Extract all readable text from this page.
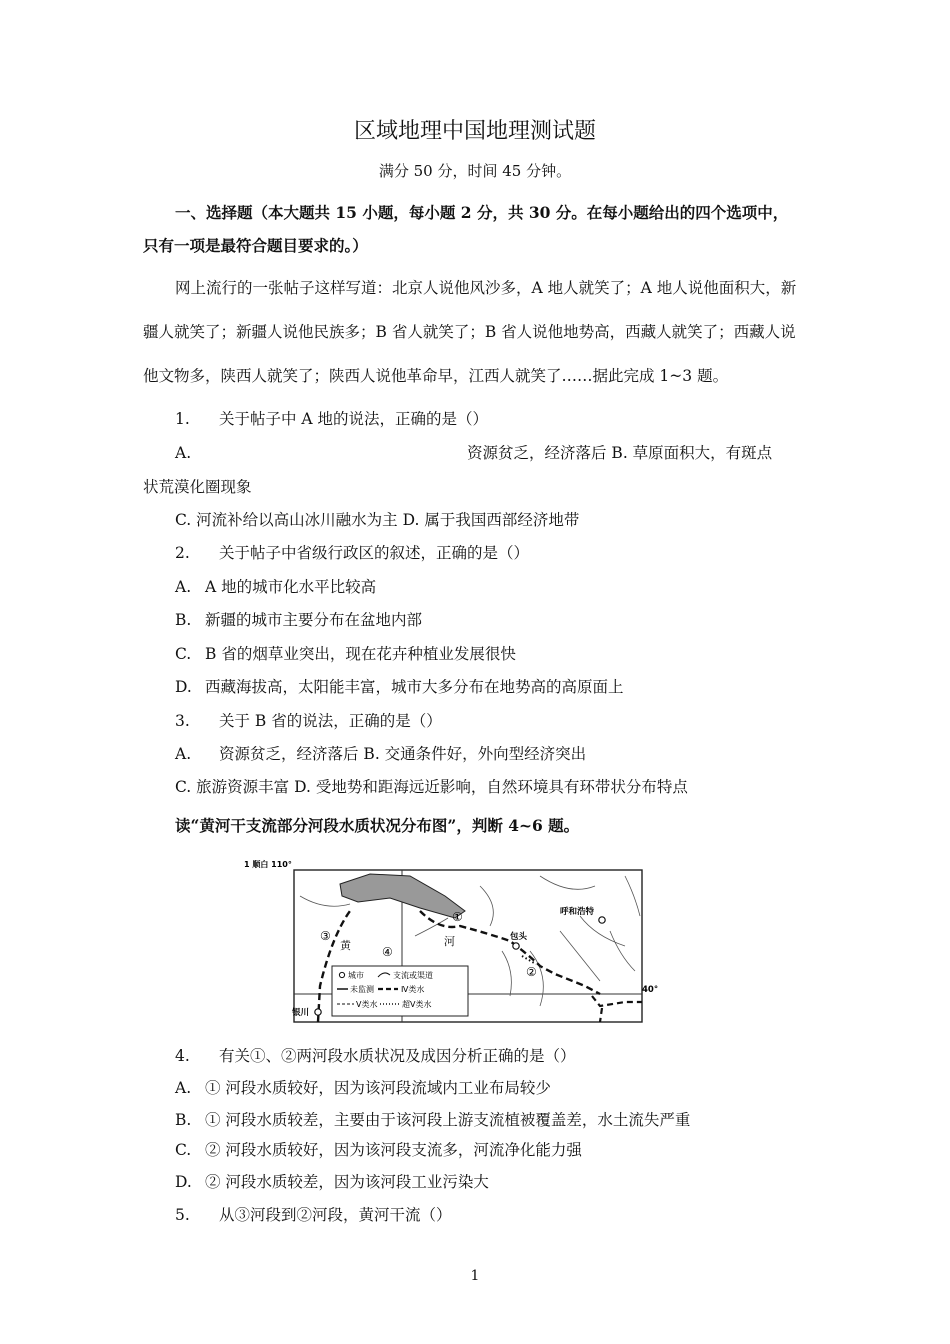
区域地理中国地理测试题
满分 50 分，时间 45 分钟。
一、选择题（本大题共 15 小题，每小题 2 分，共 30 分。在每小题给出的四个选项中，
只有一项是最符合题目要求的。）
网上流行的一张帖子这样写道：北京人说他风沙多，A 地人就笑了；A 地人说他面积大，新
疆人就笑了；新疆人说他民族多；B 省人就笑了；B 省人说他地势高，西藏人就笑了；西藏人说
他文物多，陕西人就笑了；陕西人说他革命早，江西人就笑了……据此完成 1~3 题。
1. 关于帖子中 A 地的说法，正确的是（）
A.	资源贫乏，经济落后 B. 草原面积大，有斑点
状荒漠化圈现象
C. 河流补给以高山冰川融水为主 D. 属于我国西部经济地带
2. 关于帖子中省级行政区的叙述，正确的是（）
A. A 地的城市化水平比较高
B. 新疆的城市主要分布在盆地内部
C. B 省的烟草业突出，现在花卉种植业发展很快
D. 西藏海拔高，太阳能丰富，城市大多分布在地势高的高原面上
3. 关于 B 省的说法，正确的是（）
A. 资源贫乏，经济落后 B. 交通条件好，外向型经济突出
C. 旅游资源丰富 D. 受地势和距海远近影响，自然环境具有环带状分布特点
读“黄河干支流部分河段水质状况分布图”，判断 4~6 题。
1 顺白 110°
呼和浩特
包头
银川
黄	河
①
②
③
④
40°
城市	支流或渠道
未监测	Ⅳ类水
Ⅴ类水	超Ⅴ类水
4. 有关①、②两河段水质状况及成因分析正确的是（）
A. ① 河段水质较好，因为该河段流域内工业布局较少
B. ① 河段水质较差，主要由于该河段上游支流植被覆盖差，水土流失严重
C. ② 河段水质较好，因为该河段支流多，河流净化能力强
D. ② 河段水质较差，因为该河段工业污染大
5. 从③河段到②河段，黄河干流（）
1
